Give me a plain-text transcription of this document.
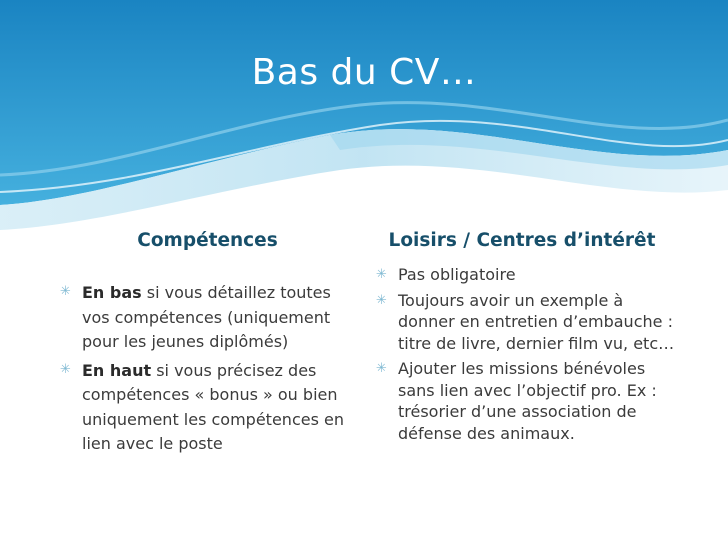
Bas du CV…
Compétences	Loisirs / Centres d’intérêt
✳ En bas si vous détaillez toutes vos compétences (uniquement pour les jeunes diplômés)
✳ En haut si vous précisez des compétences « bonus » ou bien uniquement les compétences en lien avec le poste
✳ Pas obligatoire
✳ Toujours avoir un exemple à donner en entretien d’embauche : titre de livre, dernier film vu, etc…
✳ Ajouter les missions bénévoles sans lien avec l’objectif pro. Ex : trésorier d’une association de défense des animaux.
